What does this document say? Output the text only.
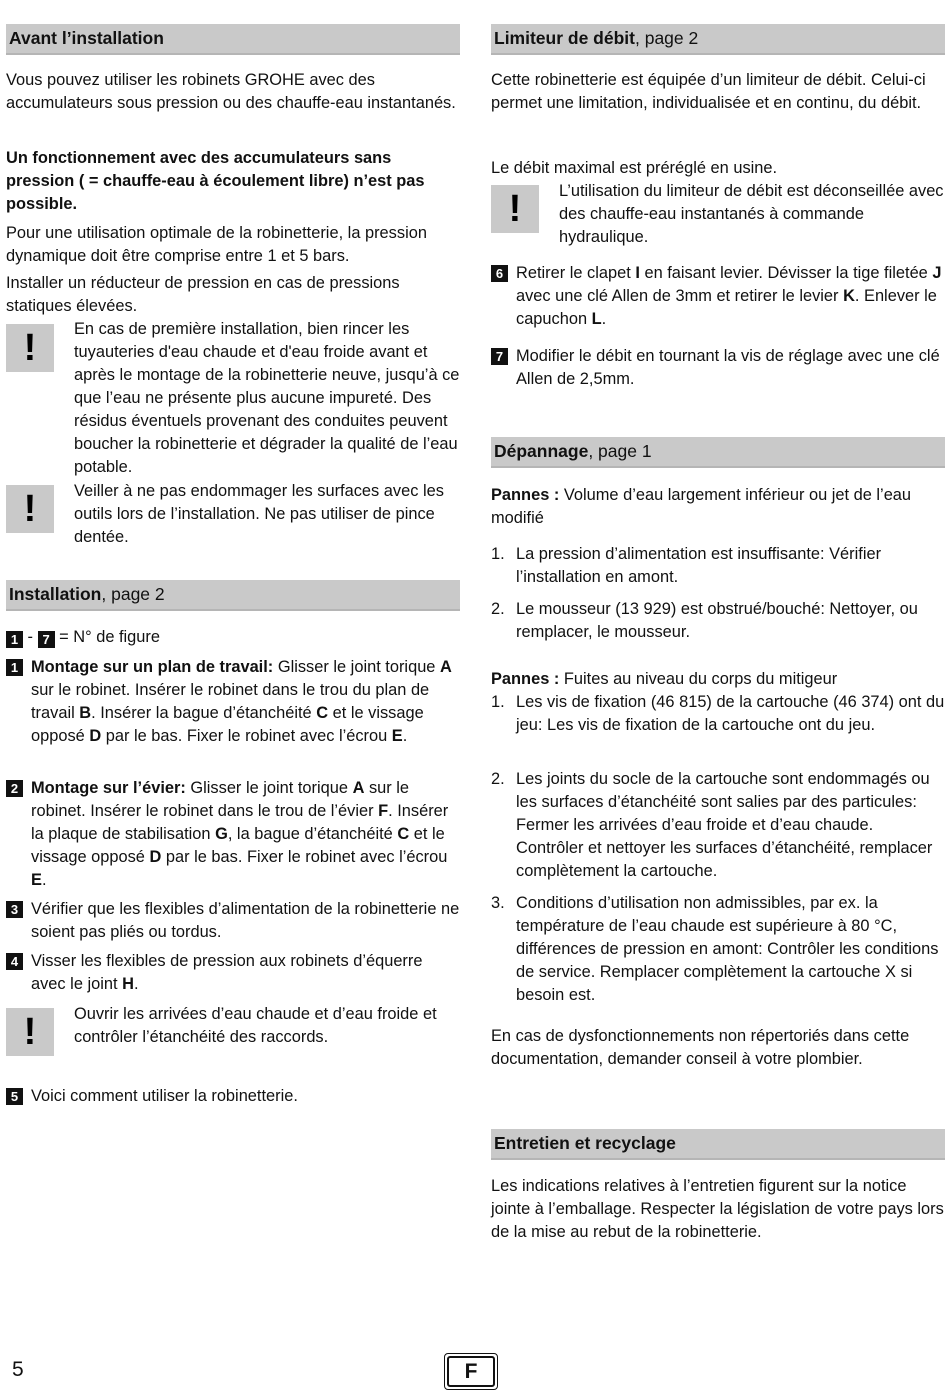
Avant l’installation

Vous pouvez utiliser les robinets GROHE avec des accumulateurs sous pression ou des chauffe-eau instantanés.

Un fonctionnement avec des accumulateurs sans pression ( = chauffe-eau à écoulement libre) n’est pas possible.

Pour une utilisation optimale de la robinetterie, la pression dynamique doit être comprise entre 1 et 5 bars.

Installer un réducteur de pression en cas de pressions statiques élevées.

!	En cas de première installation, bien rincer les tuyauteries d'eau chaude et d'eau froide avant et après le montage de la robinetterie neuve, jusqu’à ce que l’eau ne présente plus aucune impureté. Des résidus éventuels provenant des conduites peuvent boucher la robinetterie et dégrader la qualité de l’eau potable.

!	Veiller à ne pas endommager les surfaces avec les outils lors de l’installation. Ne pas utiliser de pince dentée.

Installation, page 2

1 - 7 = N° de figure

1 Montage sur un plan de travail: Glisser le joint torique A sur le robinet. Insérer le robinet dans le trou du plan de travail B. Insérer la bague d’étanchéité C et le vissage opposé D par le bas. Fixer le robinet avec l’écrou E.
2 Montage sur l’évier: Glisser le joint torique A sur le robinet. Insérer le robinet dans le trou de l’évier F. Insérer la plaque de stabilisation G, la bague d’étanchéité C et le vissage opposé D par le bas. Fixer le robinet avec l’écrou E.
3 Vérifier que les flexibles d’alimentation de la robinetterie ne soient pas pliés ou tordus.
4 Visser les flexibles de pression aux robinets d’équerre avec le joint H.
!	Ouvrir les arrivées d’eau chaude et d’eau froide et contrôler l’étanchéité des raccords.

5 Voici comment utiliser la robinetterie.
Limiteur de débit, page 2

Cette robinetterie est équipée d’un limiteur de débit. Celui-ci permet une limitation, individualisée et en continu, du débit.

Le débit maximal est préréglé en usine.

!	L’utilisation du limiteur de débit est déconseillée avec des chauffe-eau instantanés à commande hydraulique.

6 Retirer le clapet I en faisant levier. Dévisser la tige filetée J avec une clé Allen de 3mm et retirer le levier K. Enlever le capuchon L.
7 Modifier le débit en tournant la vis de réglage avec une clé Allen de 2,5mm.
Dépannage, page 1

Pannes : Volume d’eau largement inférieur ou jet de l’eau modifié

1. La pression d’alimentation est insuffisante: Vérifier l’installation en amont.
2. Le mousseur (13 929) est obstrué/bouché: Nettoyer, ou remplacer, le mousseur.

Pannes : Fuites au niveau du corps du mitigeur

1. Les vis de fixation (46 815) de la cartouche (46 374) ont du jeu: Les vis de fixation de la cartouche ont du jeu.
2. Les joints du socle de la cartouche sont endommagés ou les surfaces d’étanchéité sont salies par des particules: Fermer les arrivées d’eau froide et d’eau chaude. Contrôler et nettoyer les surfaces d’étanchéité, remplacer complètement la cartouche.
3. Conditions d’utilisation non admissibles, par ex. la température de l’eau chaude est supérieure à 80 °C, différences de pression en amont: Contrôler les conditions de service. Remplacer complètement la cartouche X si besoin est.

En cas de dysfonctionnements non répertoriés dans cette documentation, demander conseil à votre plombier.

Entretien et recyclage

Les indications relatives à l’entretien figurent sur la notice jointe à l’emballage. Respecter la législation de votre pays lors de la mise au rebut de la robinetterie.

5	F
